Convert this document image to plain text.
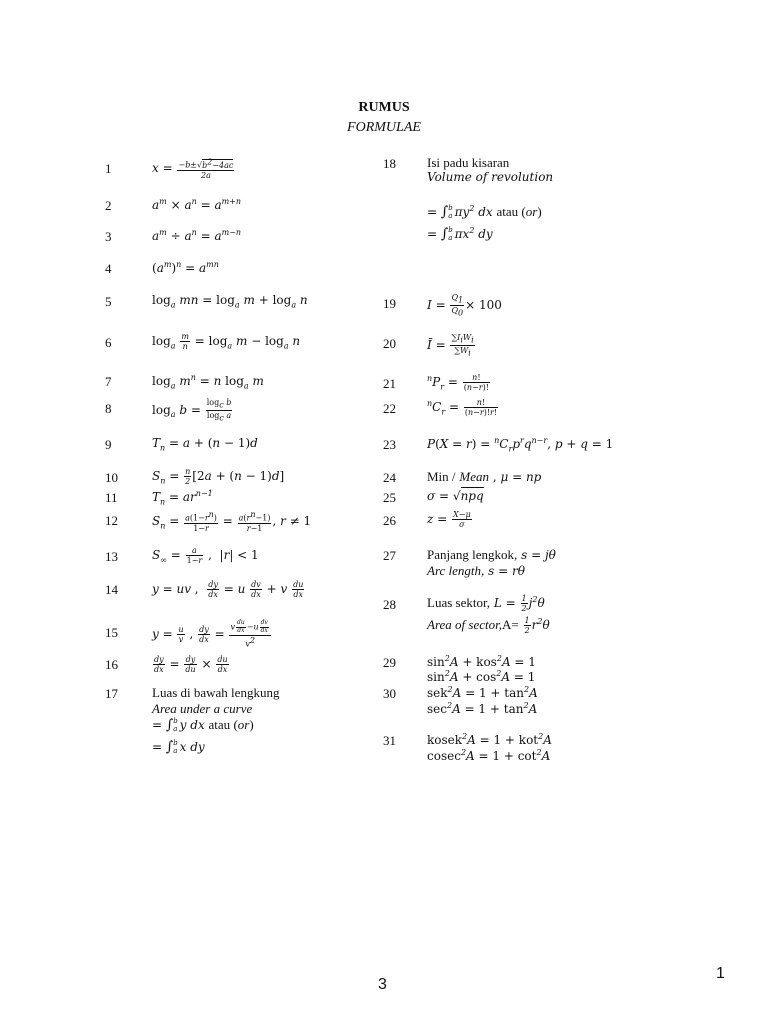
RUMUS
FORMULAE
1
2
3
4
5
6
7
8
9
10
11
12
13
14
15
16
17
18
19
20
21
22
23
24
25
26
27
28
29
30
31
$x = \frac{-b\pm√b^2-4ac}{2a}$
$a^m \times a^n = a^{m+n}$
$a^m \div a^n = a^{m-n}$
$(a^m)^n = a^{mn}$
$\log_a$ mn = $\log_a m + \log_a n$
$\log_a \frac{m}{n} = \log_a m - \log_a n$
$\log_a m^n = n$ $\log_a m$
$\log_a b = \frac{\log_c b}{\log_c a}$
$T_n = a + (n - 1)d$
$S_n = \frac{n}{2} [2a + (n - 1)d]$
$T_n = ar^{n-1}$
$S_n = \frac{a(1-r^n)}{1-r} = \frac{a(r^n-1)}{r-1}$ , r ≠ 1
$S_\infty = \frac{a}{1-r}$ ,  |r| < 1
y = uv , $\frac{dy}{dx} = u \frac{dv}{dx} + v \frac{du}{dx}$
$y = \frac{u}{v}$ , $\frac{dy}{dx} = v \frac{du}{dx} -u \frac{dv}{dx}$
$v^2$
$\frac{dy}{dx} = \frac{dy}{du} \times \frac{du}{dx}$
Luas di bawah lengkung
Area under a curve
= ∫ b
a y dx atau (or)
= ∫ b
a x dy
Isi padu kisaran
Volume of revolution
= ∫ b
a $\pi y^2$ dx atau (or)
= ∫ b
a $\pi x^2$ dy
$I = \frac{Q_1}{Q_0} \times 100$
Ī =
$\sum I_iW_i$
$\sum W_i$
$^nP_r = \frac{n!}{(n-r)!}$
$^nC_r = \frac{n!}{(n-r)!r!}$
$P(X = r) = ^nC_rp^rq^{n-r}$, p + q = 1
Min / Mean , μ = np
σ = √npq
$z = \frac{X-\mu}{\sigma}$
Panjang lengkok, s = jθ
Arc length, s = rθ
Luas sektor, $L = \frac{1}{2} j^2\theta$
Area of sector,A= $\frac{1}{2} r^2\theta$
$\sin^2A + kos^2A = 1$
$\sin^2A + \cos^2A = 1$
$sek^2A = 1 + \tan^2A$
$\sec^2A = 1 + \tan^2A$
kosek$^2$A = 1 + kot$^2$A
$cosec^2A = 1 + \cot^2A$
3
1
